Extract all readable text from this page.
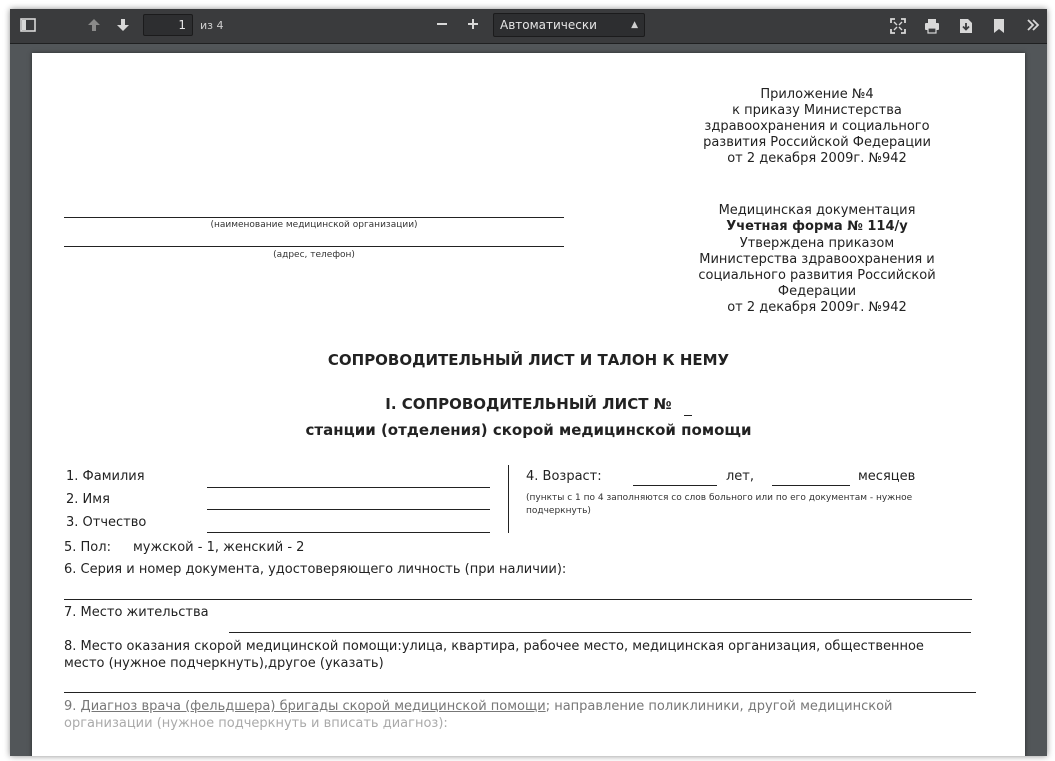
1
из 4	Автоматически	▲

Приложение №4
к приказу Министерства
здравоохранения и социального
развития Российской Федерации
от 2 декабря 2009г. №942
(наименование медицинской организации)
(адрес, телефон)
Медицинская документация
Учетная форма № 114/у
Утверждена приказом
Министерства здравоохранения и
социального развития Российской
Федерации
от 2 декабря 2009г. №942
СОПРОВОДИТЕЛЬНЫЙ ЛИСТ И ТАЛОН К НЕМУ
I. СОПРОВОДИТЕЛЬНЫЙ ЛИСТ №
станции (отделения) скорой медицинской помощи
1. Фамилия
2. Имя
3. Отчество
4. Возраст:	лет,	месяцев
(пункты с 1 по 4 заполняются со слов больного или по его документам - нужное подчеркнуть)
5. Пол: мужской - 1, женский - 2
6. Серия и номер документа, удостоверяющего личность (при наличии):
7. Место жительства
8. Место оказания скорой медицинской помощи:улица, квартира, рабочее место, медицинская организация, общественное
место (нужное подчеркнуть),другое (указать)
9. Диагноз врача (фельдшера) бригады скорой медицинской помощи; направление поликлиники, другой медицинской
организации (нужное подчеркнуть и вписать диагноз):
